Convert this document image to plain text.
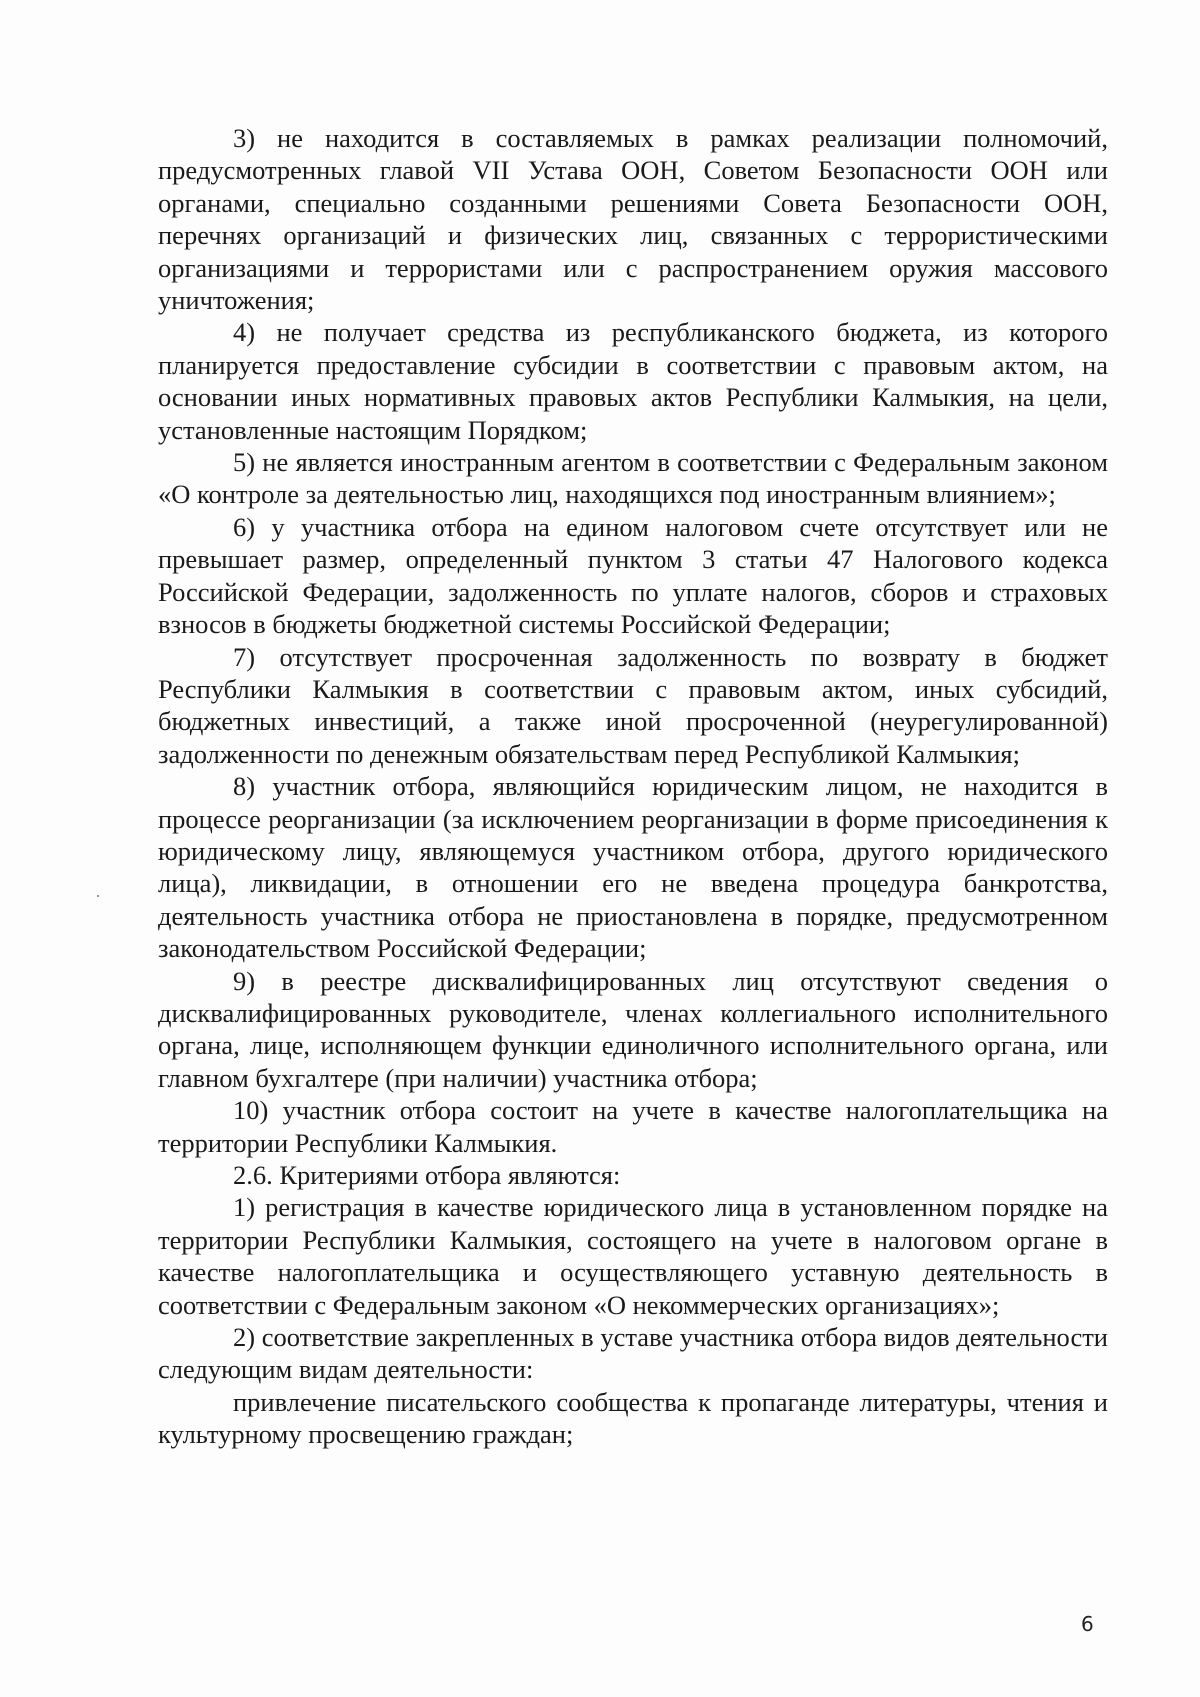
3) не находится в составляемых в рамках реализации полномочий, предусмотренных главой VII Устава ООН, Советом Безопасности ООН или органами, специально созданными решениями Совета Безопасности ООН, перечнях организаций и физических лиц, связанных с террористическими организациями и террористами или с распространением оружия массового уничтожения;

4) не получает средства из республиканского бюджета, из которого планируется предоставление субсидии в соответствии с правовым актом, на основании иных нормативных правовых актов Республики Калмыкия, на цели, установленные настоящим Порядком;

5) не является иностранным агентом в соответствии с Федеральным законом «О контроле за деятельностью лиц, находящихся под иностранным влиянием»;

6) у участника отбора на едином налоговом счете отсутствует или не превышает размер, определенный пунктом 3 статьи 47 Налогового кодекса Российской Федерации, задолженность по уплате налогов, сборов и страховых взносов в бюджеты бюджетной системы Российской Федерации;

7) отсутствует просроченная задолженность по возврату в бюджет Республики Калмыкия в соответствии с правовым актом, иных субсидий, бюджетных инвестиций, а также иной просроченной (неурегулированной) задолженности по денежным обязательствам перед Республикой Калмыкия;

8) участник отбора, являющийся юридическим лицом, не находится в процессе реорганизации (за исключением реорганизации в форме присоединения к юридическому лицу, являющемуся участником отбора, другого юридического лица), ликвидации, в отношении его не введена процедура банкротства, деятельность участника отбора не приостановлена в порядке, предусмотренном законодательством Российской Федерации;

9) в реестре дисквалифицированных лиц отсутствуют сведения о дисквалифицированных руководителе, членах коллегиального исполнительного органа, лице, исполняющем функции единоличного исполнительного органа, или главном бухгалтере (при наличии) участника отбора;

10) участник отбора состоит на учете в качестве налогоплательщика на территории Республики Калмыкия.

2.6. Критериями отбора являются:

1) регистрация в качестве юридического лица в установленном порядке на территории Республики Калмыкия, состоящего на учете в налоговом органе в качестве налогоплательщика и осуществляющего уставную деятельность в соответствии с Федеральным законом «О некоммерческих организациях»;

2) соответствие закрепленных в уставе участника отбора видов деятельности следующим видам деятельности:

привлечение писательского сообщества к пропаганде литературы, чтения и культурному просвещению граждан;

6
